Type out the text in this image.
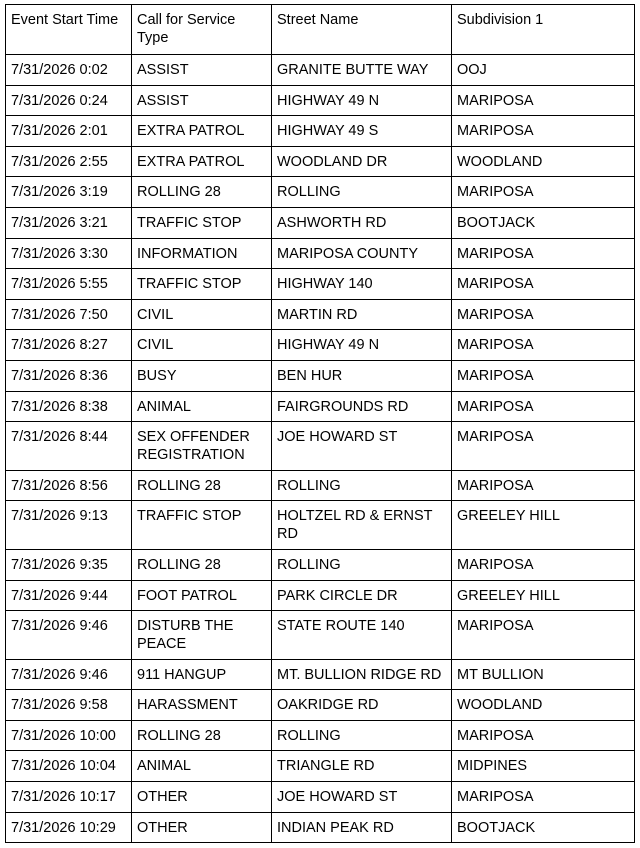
Event Start Time	Call for Service Type	Street Name	Subdivision 1
7/31/2026 0:02	ASSIST	GRANITE BUTTE WAY	OOJ
7/31/2026 0:24	ASSIST	HIGHWAY 49 N	MARIPOSA
7/31/2026 2:01	EXTRA PATROL	HIGHWAY 49 S	MARIPOSA
7/31/2026 2:55	EXTRA PATROL	WOODLAND DR	WOODLAND
7/31/2026 3:19	ROLLING 28	ROLLING	MARIPOSA
7/31/2026 3:21	TRAFFIC STOP	ASHWORTH RD	BOOTJACK
7/31/2026 3:30	INFORMATION	MARIPOSA COUNTY	MARIPOSA
7/31/2026 5:55	TRAFFIC STOP	HIGHWAY 140	MARIPOSA
7/31/2026 7:50	CIVIL	MARTIN RD	MARIPOSA
7/31/2026 8:27	CIVIL	HIGHWAY 49 N	MARIPOSA
7/31/2026 8:36	BUSY	BEN HUR	MARIPOSA
7/31/2026 8:38	ANIMAL	FAIRGROUNDS RD	MARIPOSA
7/31/2026 8:44	SEX OFFENDER REGISTRATION	JOE HOWARD ST	MARIPOSA
7/31/2026 8:56	ROLLING 28	ROLLING	MARIPOSA
7/31/2026 9:13	TRAFFIC STOP	HOLTZEL RD & ERNST RD	GREELEY HILL
7/31/2026 9:35	ROLLING 28	ROLLING	MARIPOSA
7/31/2026 9:44	FOOT PATROL	PARK CIRCLE DR	GREELEY HILL
7/31/2026 9:46	DISTURB THE PEACE	STATE ROUTE 140	MARIPOSA
7/31/2026 9:46	911 HANGUP	MT. BULLION RIDGE RD	MT BULLION
7/31/2026 9:58	HARASSMENT	OAKRIDGE RD	WOODLAND
7/31/2026 10:00	ROLLING 28	ROLLING	MARIPOSA
7/31/2026 10:04	ANIMAL	TRIANGLE RD	MIDPINES
7/31/2026 10:17	OTHER	JOE HOWARD ST	MARIPOSA
7/31/2026 10:29	OTHER	INDIAN PEAK RD	BOOTJACK
